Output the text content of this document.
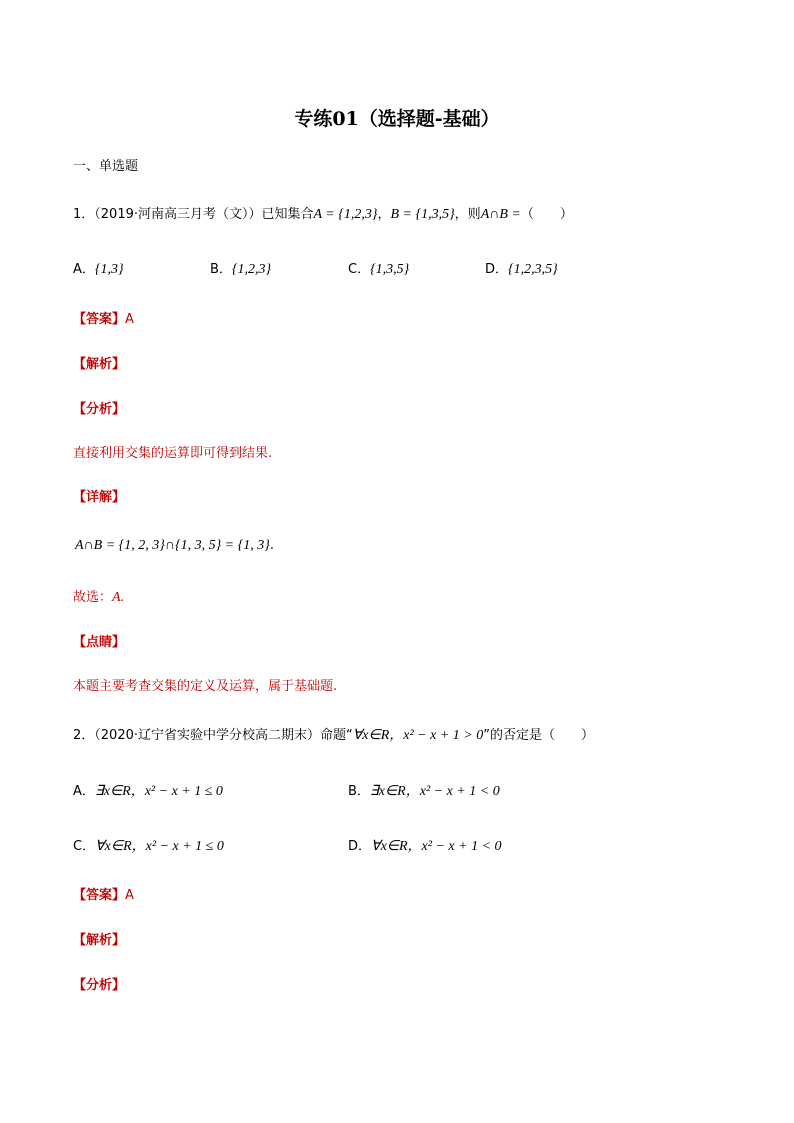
专练01（选择题-基础）
一、单选题
1．（2019·河南高三月考（文））已知集合A = {1,2,3}，B = {1,3,5}，则A∩B =（　　）
A．{1,3}	B．{1,2,3}	C．{1,3,5}	D．{1,2,3,5}
【答案】A
【解析】
【分析】
直接利用交集的运算即可得到结果.
【详解】
A∩B = {1, 2, 3}∩{1, 3, 5} = {1, 3}.
故选：A.
【点睛】
本题主要考查交集的定义及运算，属于基础题.
2．（2020·辽宁省实验中学分校高二期末）命题“∀x∈R，x² − x + 1 > 0”的否定是（　　）
A．∃x∈R，x² − x + 1 ≤ 0	B．∃x∈R，x² − x + 1 < 0
C．∀x∈R，x² − x + 1 ≤ 0	D．∀x∈R，x² − x + 1 < 0
【答案】A
【解析】
【分析】
